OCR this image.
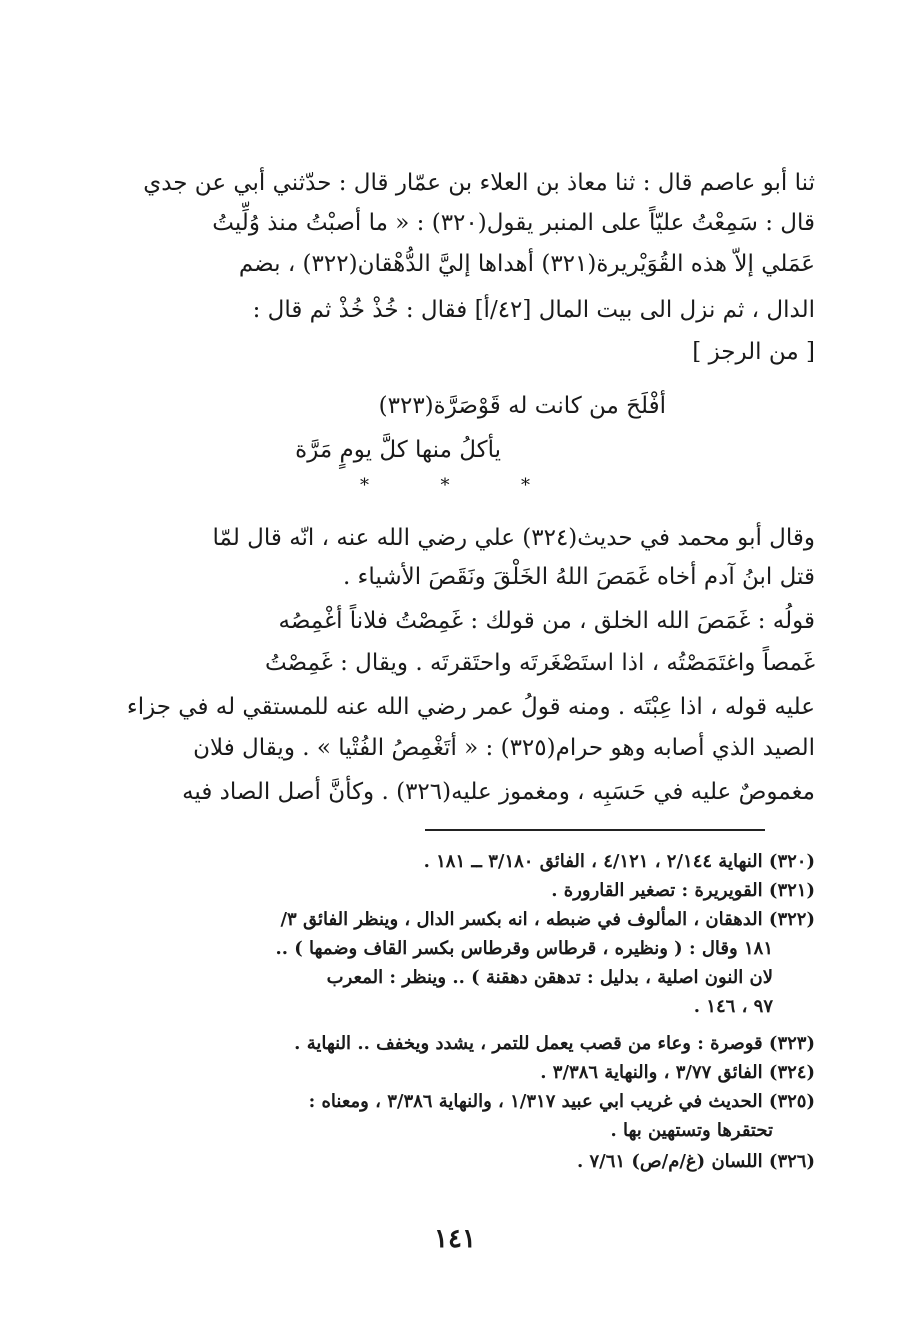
ثنا أبو عاصم قال : ثنا معاذ بن العلاء بن عمّار قال : حدّثني أبي عن جدي
قال : سَمِعْتُ عليّاً على المنبر يقول(٣٢٠) : « ما أصبْتُ منذ وُلِّيتُ
عَمَلي إلاّ هذه القُوَيْريرة(٣٢١) أهداها إليَّ الدُّهْقان(٣٢٢) ، بضم
الدال ، ثم نزل الى بيت المال [٤٢/أ] فقال : خُذْ خُذْ ثم قال :
[ من الرجز ]
أفْلَحَ من كانت له قَوْصَرَّة(٣٢٣)
يأكلُ منها كلَّ يومٍ مَرَّة
*	*	*
وقال أبو محمد في حديث(٣٢٤) علي رضي الله عنه ، انّه قال لمّا
قتل ابنُ آدم أخاه غَمَصَ اللهُ الخَلْقَ ونَقَصَ الأشياء .
قولُه : غَمَصَ الله الخلق ، من قولك : غَمِصْتُ فلاناً أغْمِصُه
غَمصاً واغتَمَصْتُه ، اذا استَصْغَرتَه واحتَقرتَه . ويقال : غَمِصْتُ
عليه قوله ، اذا عِبْتَه . ومنه قولُ عمر رضي الله عنه للمستقي له في جزاء
الصيد الذي أصابه وهو حرام(٣٢٥) : « أتَغْمِصُ الفُتْيا » . ويقال فلان
مغموصٌ عليه في حَسَبِه ، ومغموز عليه(٣٢٦) . وكأنَّ أصل الصاد فيه
(٣٢٠) النهاية ٢/١٤٤ ، ٤/١٢١ ، الفائق ٣/١٨٠ ــ ١٨١ .
(٣٢١) القويريرة : تصغير القارورة .
(٣٢٢) الدهقان ، المألوف في ضبطه ، انه بكسر الدال ، وينظر الفائق ٣/
١٨١ وقال : ( ونظيره ، قرطاس وقرطاس بكسر القاف وضمها ) ..
لان النون اصلية ، بدليل : تدهقن دهقنة ) .. وينظر : المعرب
٩٧ ، ١٤٦ .
(٣٢٣) قوصرة : وعاء من قصب يعمل للتمر ، يشدد ويخفف .. النهاية .
(٣٢٤) الفائق ٣/٧٧ ، والنهاية ٣/٣٨٦ .
(٣٢٥) الحديث في غريب ابي عبيد ١/٣١٧ ، والنهاية ٣/٣٨٦ ، ومعناه :
تحتقرها وتستهين بها .
(٣٢٦) اللسان (غ/م/ص) ٧/٦١ .
١٤١
